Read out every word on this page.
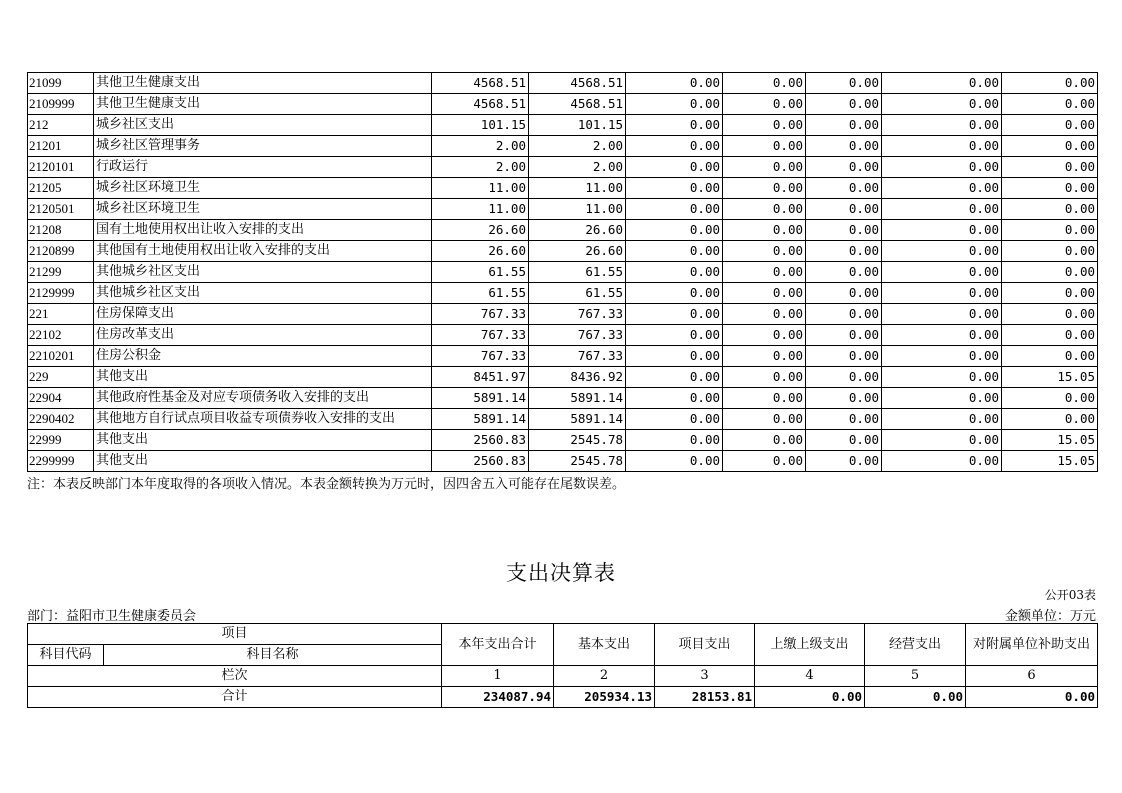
21099	其他卫生健康支出	4568.51	4568.51	0.00	0.00	0.00	0.00	0.00
2109999	其他卫生健康支出	4568.51	4568.51	0.00	0.00	0.00	0.00	0.00
212	城乡社区支出	101.15	101.15	0.00	0.00	0.00	0.00	0.00
21201	城乡社区管理事务	2.00	2.00	0.00	0.00	0.00	0.00	0.00
2120101	行政运行	2.00	2.00	0.00	0.00	0.00	0.00	0.00
21205	城乡社区环境卫生	11.00	11.00	0.00	0.00	0.00	0.00	0.00
2120501	城乡社区环境卫生	11.00	11.00	0.00	0.00	0.00	0.00	0.00
21208	国有土地使用权出让收入安排的支出	26.60	26.60	0.00	0.00	0.00	0.00	0.00
2120899	其他国有土地使用权出让收入安排的支出	26.60	26.60	0.00	0.00	0.00	0.00	0.00
21299	其他城乡社区支出	61.55	61.55	0.00	0.00	0.00	0.00	0.00
2129999	其他城乡社区支出	61.55	61.55	0.00	0.00	0.00	0.00	0.00
221	住房保障支出	767.33	767.33	0.00	0.00	0.00	0.00	0.00
22102	住房改革支出	767.33	767.33	0.00	0.00	0.00	0.00	0.00
2210201	住房公积金	767.33	767.33	0.00	0.00	0.00	0.00	0.00
229	其他支出	8451.97	8436.92	0.00	0.00	0.00	0.00	15.05
22904	其他政府性基金及对应专项债务收入安排的支出	5891.14	5891.14	0.00	0.00	0.00	0.00	0.00
2290402	其他地方自行试点项目收益专项债券收入安排的支出	5891.14	5891.14	0.00	0.00	0.00	0.00	0.00
22999	其他支出	2560.83	2545.78	0.00	0.00	0.00	0.00	15.05
2299999	其他支出	2560.83	2545.78	0.00	0.00	0.00	0.00	15.05
注：本表反映部门本年度取得的各项收入情况。本表金额转换为万元时，因四舍五入可能存在尾数误差。
支出决算表
公开03表
部门：益阳市卫生健康委员会	金额单位：万元
项目		本年支出合计	基本支出	项目支出	上缴上级支出	经营支出	对附属单位补助支出
科目代码	科目名称						
栏次		1	2	3	4	5	6
合计		234087.94	205934.13	28153.81	0.00	0.00	0.00
